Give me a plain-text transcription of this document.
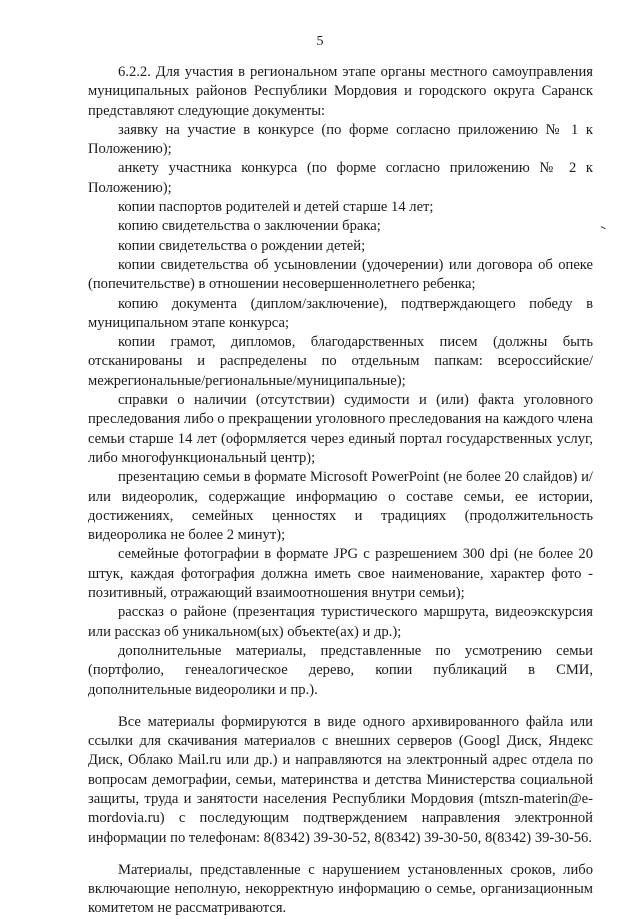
5

6.2.2. Для участия в региональном этапе органы местного самоуправления муниципальных районов Республики Мордовия и городского округа Саранск представляют следующие документы:

заявку на участие в конкурсе (по форме согласно приложению № 1 к Положению);

анкету участника конкурса (по форме согласно приложению № 2 к Положению);

копии паспортов родителей и детей старше 14 лет;

копию свидетельства о заключении брака;

копии свидетельства о рождении детей;

копии свидетельства об усыновлении (удочерении) или договора об опеке (попечительстве) в отношении несовершеннолетнего ребенка;

копию документа (диплом/заключение), подтверждающего победу в муниципальном этапе конкурса;

копии грамот, дипломов, благодарственных писем (должны быть отсканированы и распределены по отдельным папкам: всероссийские/межрегиональные/региональные/муниципальные);

справки о наличии (отсутствии) судимости и (или) факта уголовного преследования либо о прекращении уголовного преследования на каждого члена семьи старше 14 лет (оформляется через единый портал государственных услуг, либо многофункциональный центр);

презентацию семьи в формате Microsoft PowerPoint (не более 20 слайдов) и/или видеоролик, содержащие информацию о составе семьи, ее истории, достижениях, семейных ценностях и традициях (продолжительность видеоролика не более 2 минут);

семейные фотографии в формате JPG с разрешением 300 dpi (не более 20 штук, каждая фотография должна иметь свое наименование, характер фото - позитивный, отражающий взаимоотношения внутри семьи);

рассказ о районе (презентация туристического маршрута, видеоэкскурсия или рассказ об уникальном(ых) объекте(ах) и др.);

дополнительные материалы, представленные по усмотрению семьи (портфолио, генеалогическое дерево, копии публикаций в СМИ, дополнительные видеоролики и пр.).

Все материалы формируются в виде одного архивированного файла или ссылки для скачивания материалов с внешних серверов (Googl Диск, Яндекс Диск, Облако Mail.ru или др.) и направляются на электронный адрес отдела по вопросам демографии, семьи, материнства и детства Министерства социальной защиты, труда и занятости населения Республики Мордовия (mtszn-materin@e-mordovia.ru) с последующим подтверждением направления электронной информации по телефонам: 8(8342) 39-30-52, 8(8342) 39-30-50, 8(8342) 39-30-56.

Материалы, представленные с нарушением установленных сроков, либо включающие неполную, некорректную информацию о семье, организационным комитетом не рассматриваются.
